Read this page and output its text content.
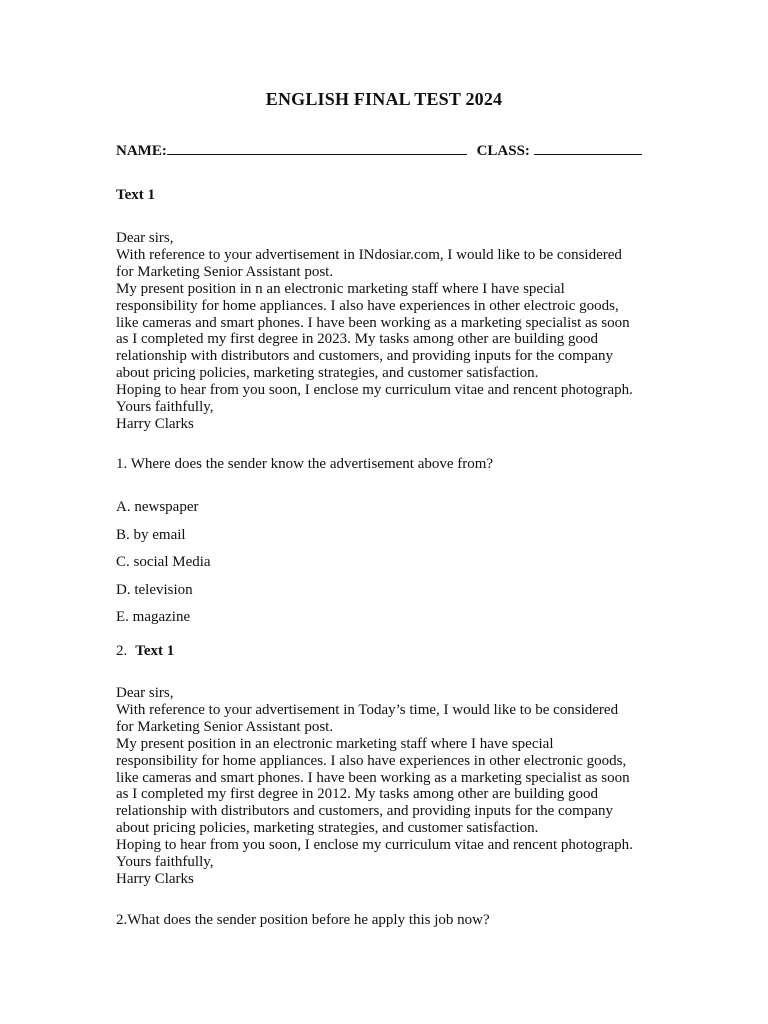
ENGLISH FINAL TEST 2024
NAME:	CLASS:
Text 1

Dear sirs,

With reference to your advertisement in INdosiar.com, I would like to be considered

for Marketing Senior Assistant post.

My present position in n an electronic marketing staff where I have special

responsibility for home appliances. I also have experiences in other electroic goods,

like cameras and smart phones. I have been working as a marketing specialist as soon

as I completed my first degree in 2023. My tasks among other are building good

relationship with distributors and customers, and providing inputs for the company

about pricing policies, marketing strategies, and customer satisfaction.

Hoping to hear from you soon, I enclose my curriculum vitae and rencent photograph.

Yours faithfully,

Harry Clarks

1. Where does the sender know the advertisement above from?
A. newspaper
B. by email
C. social Media
D. television
E. magazine
2. Text 1

Dear sirs,

With reference to your advertisement in Today’s time, I would like to be considered

for Marketing Senior Assistant post.

My present position in an electronic marketing staff where I have special

responsibility for home appliances. I also have experiences in other electronic goods,

like cameras and smart phones. I have been working as a marketing specialist as soon

as I completed my first degree in 2012. My tasks among other are building good

relationship with distributors and customers, and providing inputs for the company

about pricing policies, marketing strategies, and customer satisfaction.

Hoping to hear from you soon, I enclose my curriculum vitae and rencent photograph.

Yours faithfully,

Harry Clarks

2.What does the sender position before he apply this job now?
